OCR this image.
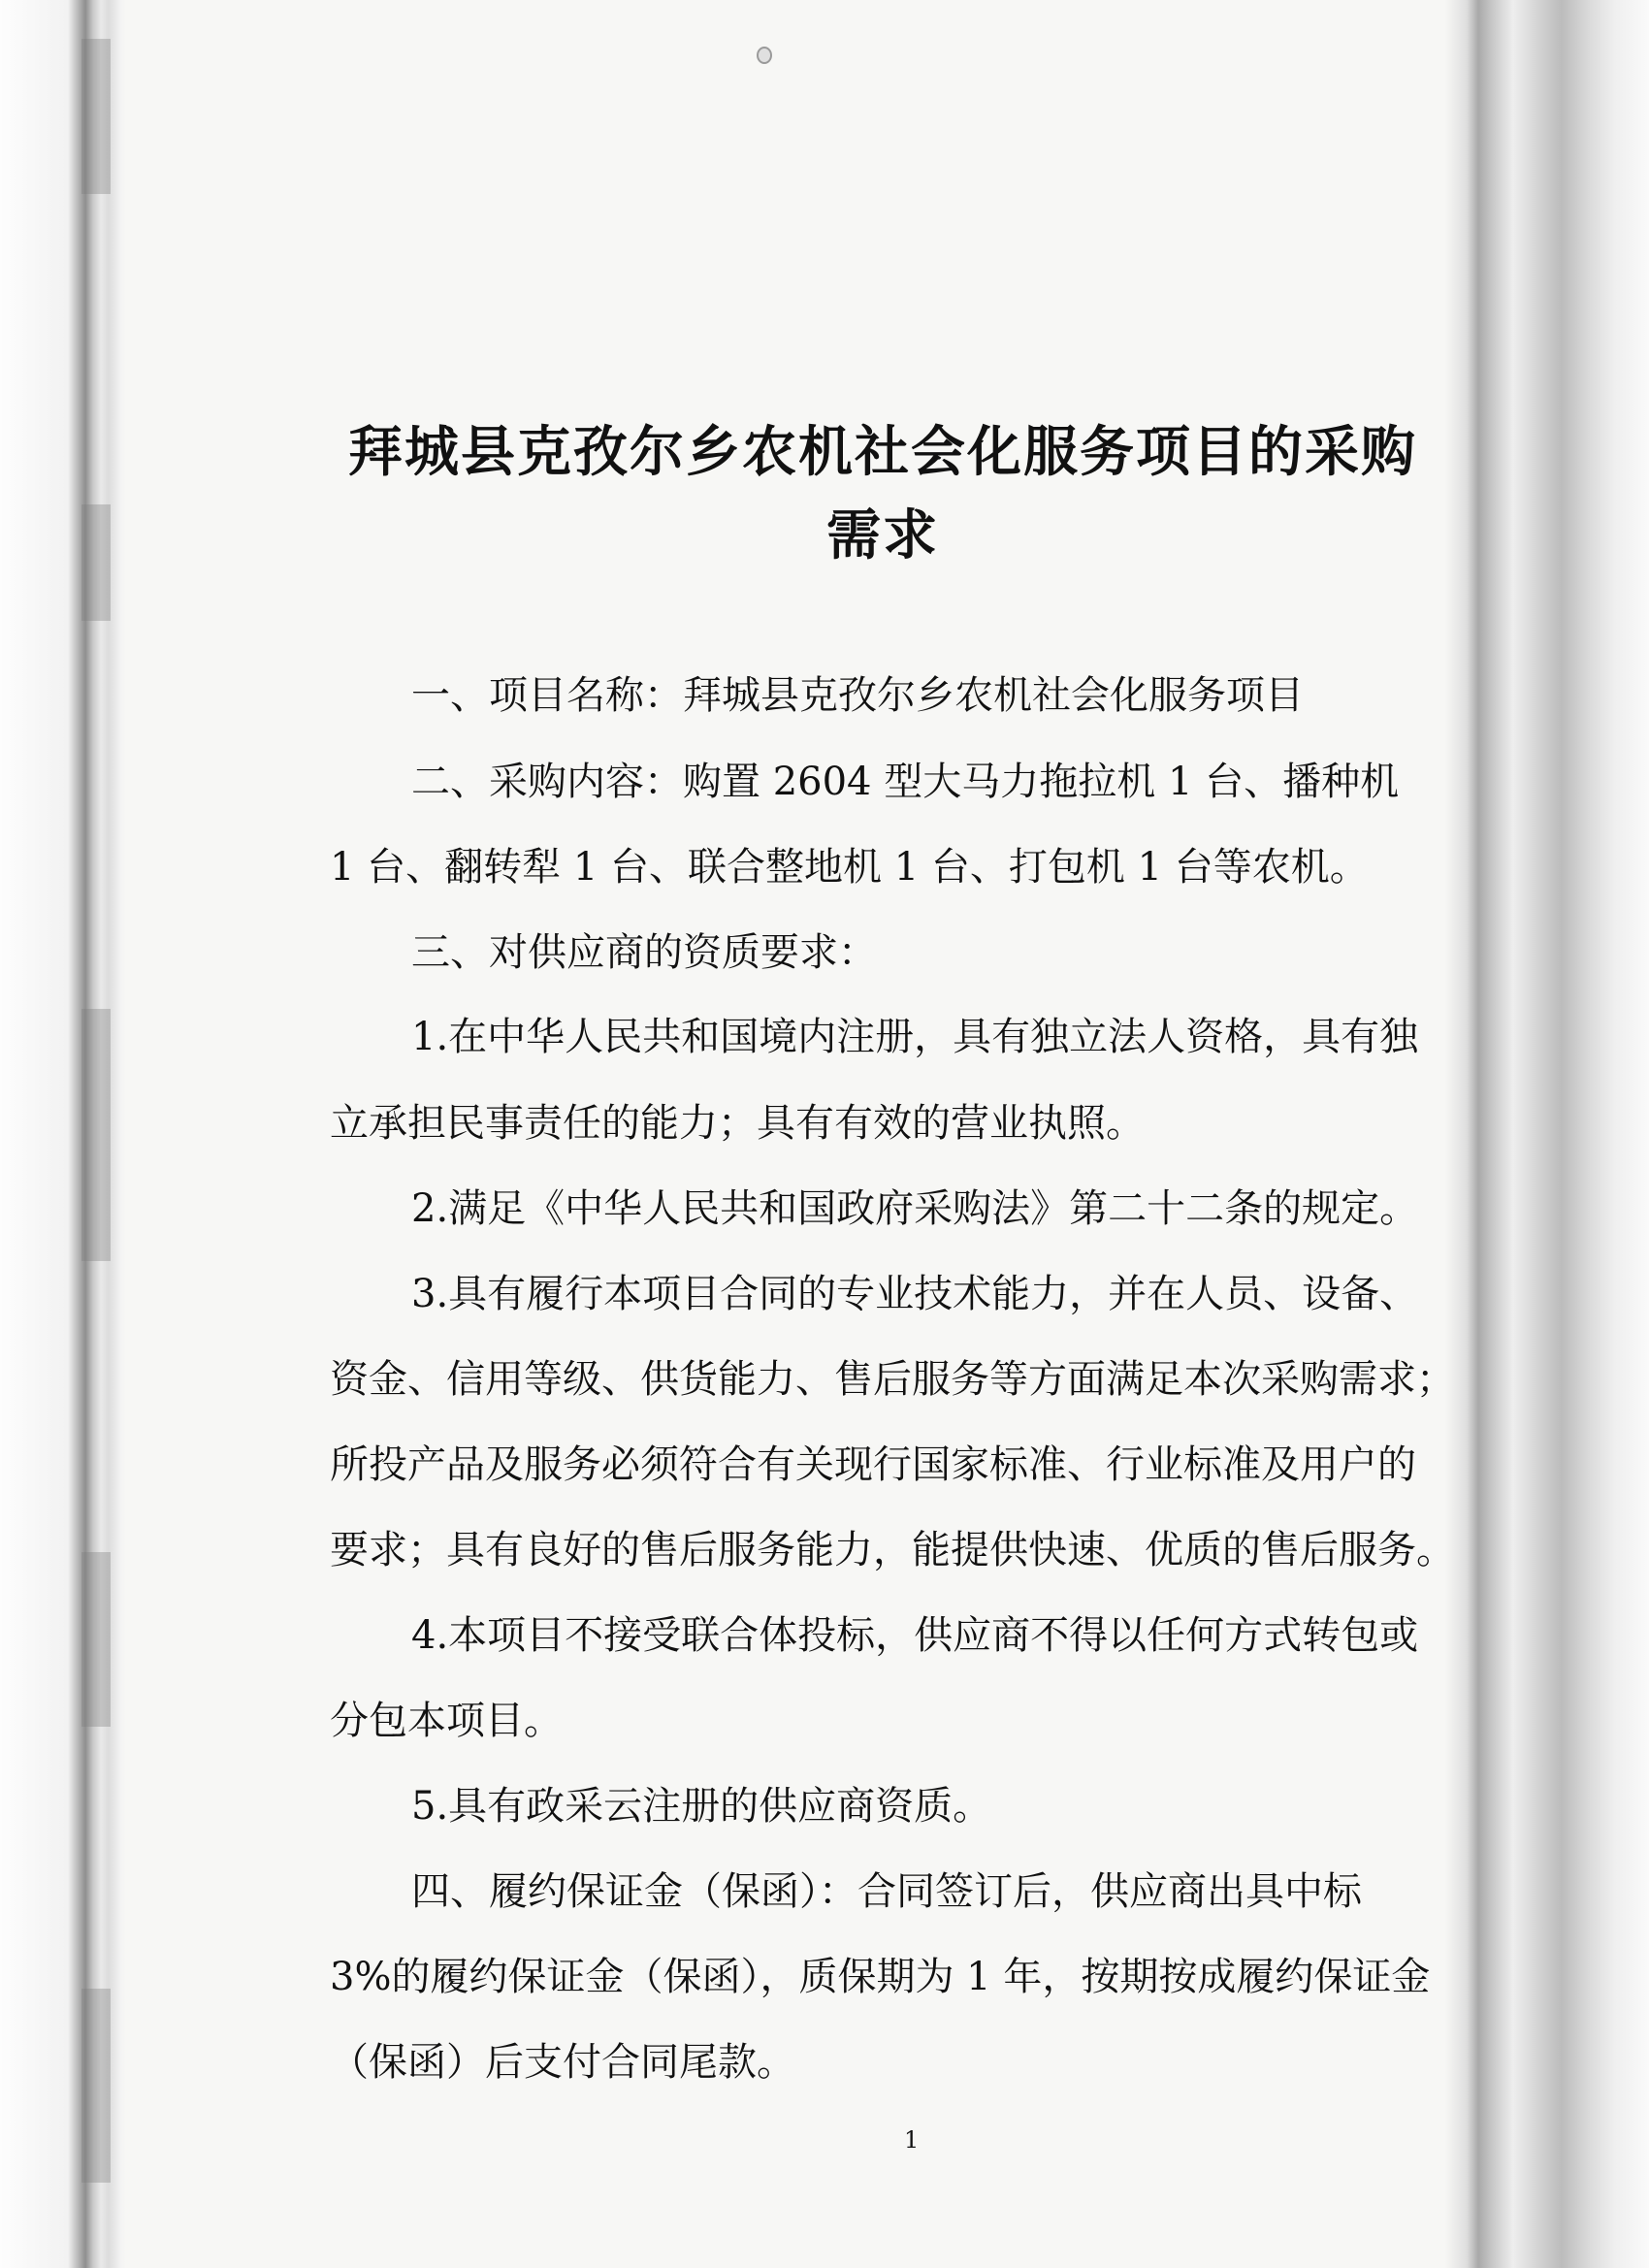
拜城县克孜尔乡农机社会化服务项目的采购
需求
一、项目名称：拜城县克孜尔乡农机社会化服务项目
二、采购内容：购置 2604 型大马力拖拉机 1 台、播种机
1 台、翻转犁 1 台、联合整地机 1 台、打包机 1 台等农机。
三、对供应商的资质要求：
1.在中华人民共和国境内注册，具有独立法人资格，具有独
立承担民事责任的能力；具有有效的营业执照。
2.满足《中华人民共和国政府采购法》第二十二条的规定。
3.具有履行本项目合同的专业技术能力，并在人员、设备、
资金、信用等级、供货能力、售后服务等方面满足本次采购需求；
所投产品及服务必须符合有关现行国家标准、行业标准及用户的
要求；具有良好的售后服务能力，能提供快速、优质的售后服务。
4.本项目不接受联合体投标，供应商不得以任何方式转包或
分包本项目。
5.具有政采云注册的供应商资质。
四、履约保证金（保函）：合同签订后，供应商出具中标
3%的履约保证金（保函），质保期为 1 年，按期按成履约保证金
（保函）后支付合同尾款。
1
